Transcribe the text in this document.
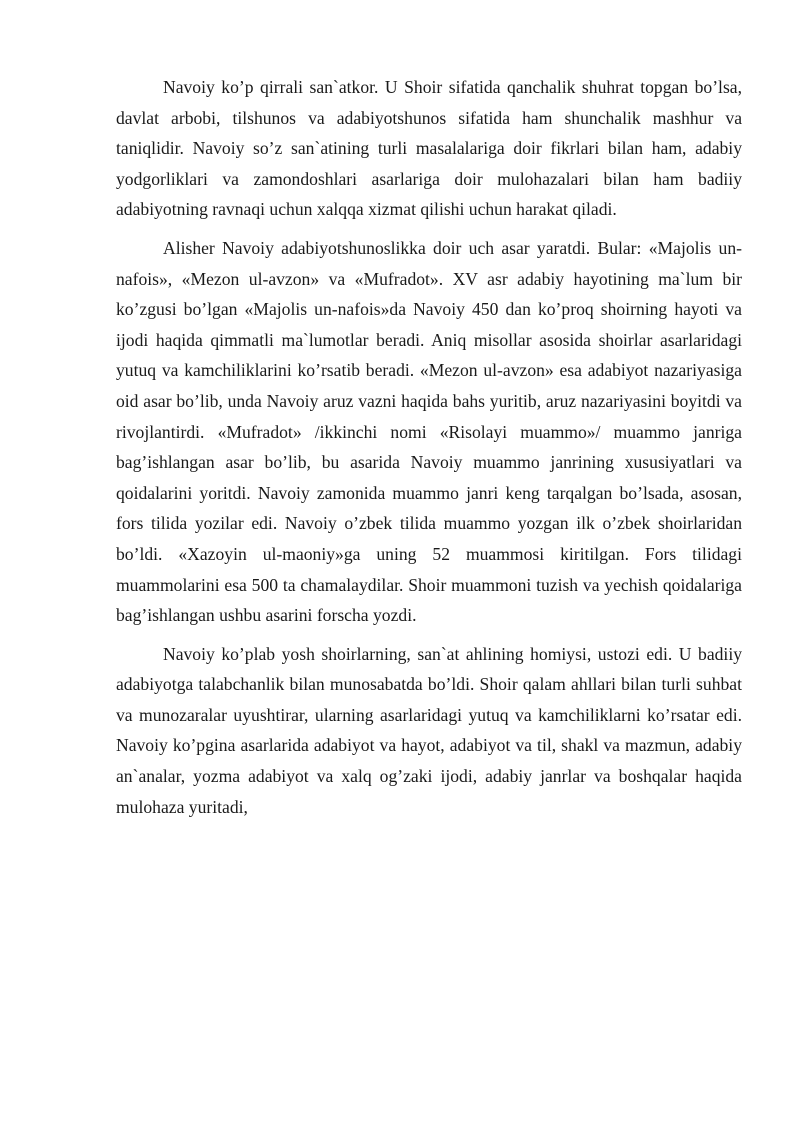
Navoiy ko’p qirrali san`atkor. U Shoir sifatida qanchalik shuhrat topgan bo’lsa, davlat arbobi, tilshunos va adabiyotshunos sifatida ham shunchalik mashhur va taniqlidir. Navoiy so’z san`atining turli masalalariga doir fikrlari bilan ham, adabiy yodgorliklari va zamondoshlari asarlariga doir mulohazalari bilan ham badiiy adabiyotning ravnaqi uchun xalqqa xizmat qilishi uchun harakat qiladi.

Alisher Navoiy adabiyotshunoslikka doir uch asar yaratdi. Bular: «Majolis un-nafois», «Mezon ul-avzon» va «Mufradot». XV asr adabiy hayotining ma`lum bir ko’zgusi bo’lgan «Majolis un-nafois»da Navoiy 450 dan ko’proq shoirning hayoti va ijodi haqida qimmatli ma`lumotlar beradi. Aniq misollar asosida shoirlar asarlaridagi yutuq va kamchiliklarini ko’rsatib beradi. «Mezon ul-avzon» esa adabiyot nazariyasiga oid asar bo’lib, unda Navoiy aruz vazni haqida bahs yuritib, aruz nazariyasini boyitdi va rivojlantirdi. «Mufradot» /ikkinchi nomi «Risolayi muammo»/ muammo janriga bag’ishlangan asar bo’lib, bu asarida Navoiy muammo janrining xususiyatlari va qoidalarini yoritdi. Navoiy zamonida muammo janri keng tarqalgan bo’lsada, asosan, fors tilida yozilar edi. Navoiy o’zbek tilida muammo yozgan ilk o’zbek shoirlaridan bo’ldi. «Xazoyin ul-maoniy»ga uning 52 muammosi kiritilgan. Fors tilidagi muammolarini esa 500 ta chamalaydilar. Shoir muammoni tuzish va yechish qoidalariga bag’ishlangan ushbu asarini forscha yozdi.

Navoiy ko’plab yosh shoirlarning, san`at ahlining homiysi, ustozi edi. U badiiy adabiyotga talabchanlik bilan munosabatda bo’ldi. Shoir qalam ahllari bilan turli suhbat va munozaralar uyushtirar, ularning asarlaridagi yutuq va kamchiliklarni ko’rsatar edi. Navoiy ko’pgina asarlarida adabiyot va hayot, adabiyot va til, shakl va mazmun, adabiy an`analar, yozma adabiyot va xalq og’zaki ijodi, adabiy janrlar va boshqalar haqida mulohaza yuritadi,
